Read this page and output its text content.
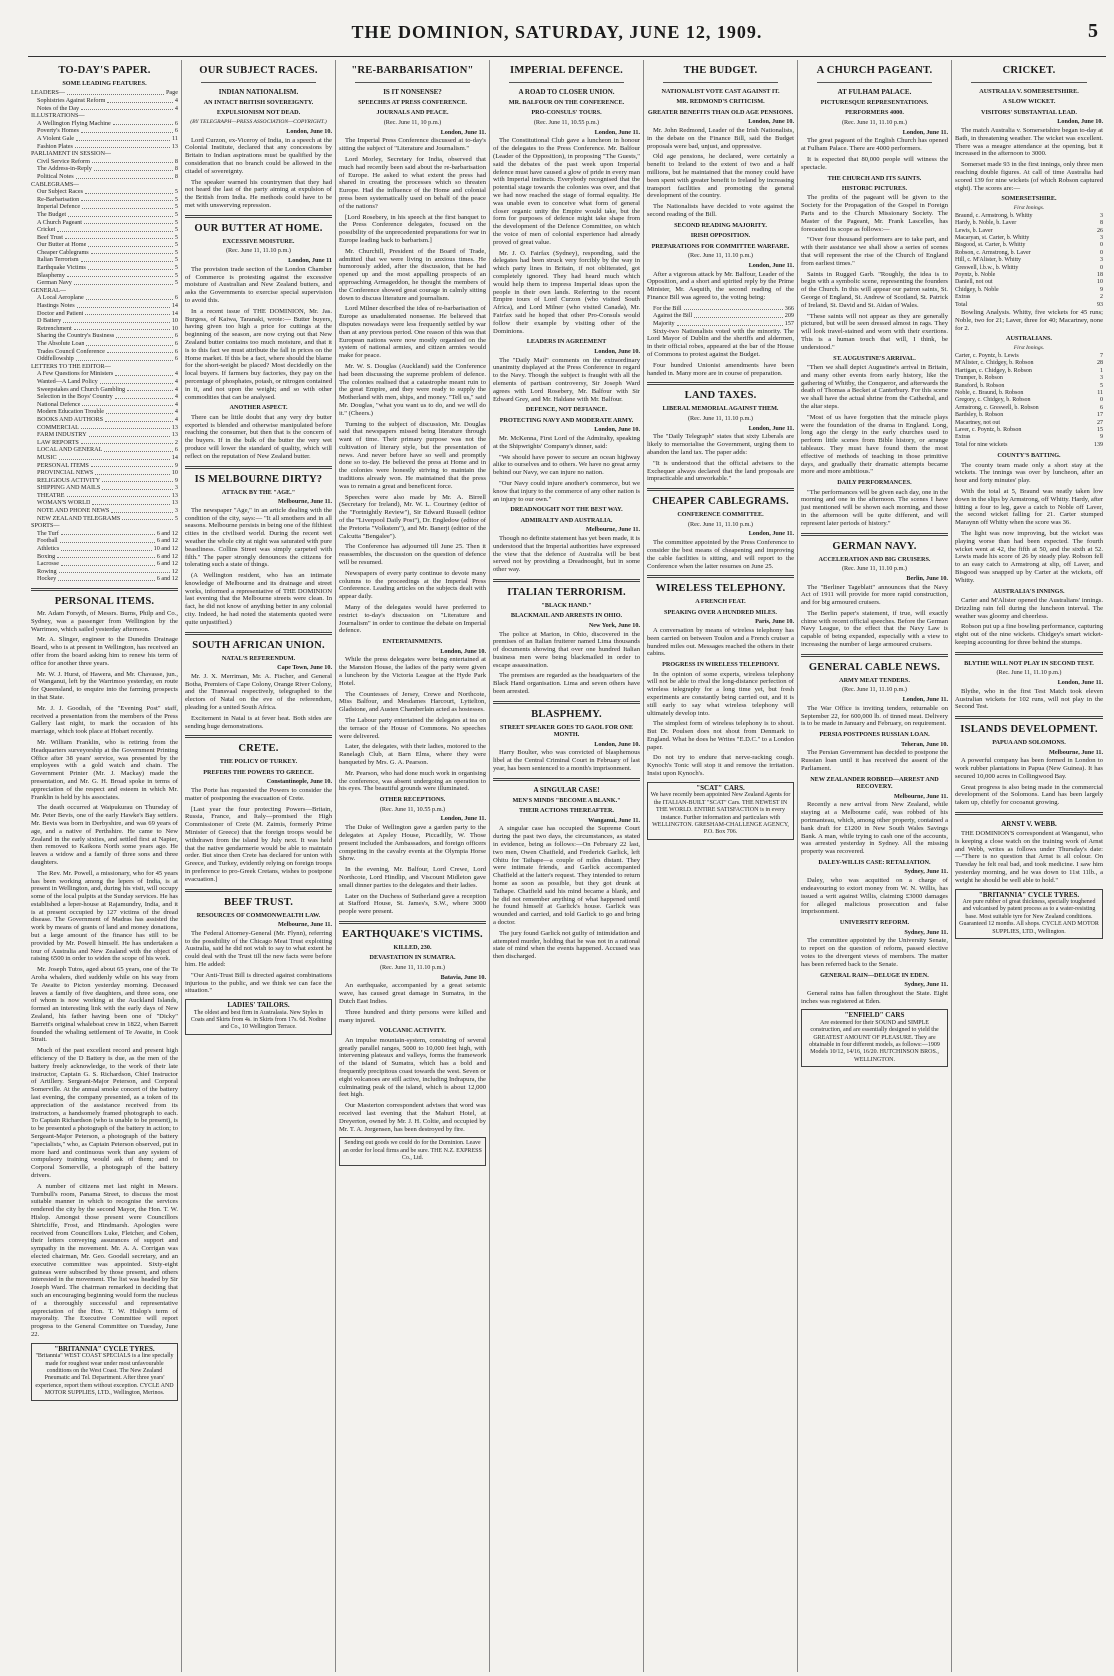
THE DOMINION, SATURDAY, JUNE 12, 1909.	5
TO-DAY'S PAPER.
SOME LEADING FEATURES.
LEADERS—	Page
Sophistries Against Reform	4
Notes of the Day	4
ILLUSTRATIONS—
A Wellington Flying Machine	6
Poverty's Homes	6
A Violent Gale	11
Fashion Plates	13
PARLIAMENT IN SESSION—
Civil Service Reform	8
The Address-in-Reply	8
Political Notes	8
CABLEGRAMS—
Our Subject Races	5
Re-Barbarisation	5
Imperial Defence	5
The Budget	5
A Church Pageant	5
Cricket	5
Beef Trust	5
Our Butter at Home	5
Cheaper Cablegrams	5
Italian Terrorism	5
Earthquake Victims	5
Blasphemy	5
German Navy	5
GENERAL—
A Local Aeroplane	6
Hastings Notes	14
Doctor and Patient	14
D Battery	10
Retrenchment	10
Sharing the Country's Business	6
The Absolute Loan	6
Trades Council Conference	6
Oddfellowship	6
LETTERS TO THE EDITOR—
A Few Questions for Ministers	4
Wanted—A Land Policy	4
Sweepstakes and Church Gambling	4
Selection in the Boys' Country	4
National Defence	4
Modern Education Trouble	4
BOOKS AND AUTHORS	4
COMMERCIAL	13
FARM INDUSTRY	13
LAW REPORTS	2
LOCAL AND GENERAL	6
MUSIC	14
PERSONAL ITEMS	9
PROVINCIAL NEWS	10
RELIGIOUS ACTIVITY	9
SHIPPING AND MAILS	3
THEATRE	13
WOMAN'S WORLD	13
NOTE AND PHONE NEWS	3
NEW ZEALAND TELEGRAMS	5
SPORTS—
The Turf	6 and 12
Football	6 and 12
Athletics	10 and 12
Boxing	6 and 12
Lacrosse	6 and 12
Rowing	12
Hockey	6 and 12
PERSONAL ITEMS.

Mr. Adam Forsyth, of Messrs. Burns, Philp and Co., Sydney, was a passenger from Wellington by the Warrimoo, which sailed yesterday afternoon.

Mr. A. Slinger, engineer to the Dunedin Drainage Board, who is at present in Wellington, has received an offer from the board asking him to renew his term of office for another three years.

Mr. W. J. Hurst, of Hawera, and Mr. Chavasse, jun., of Wanganui, left by the Warrimoo yesterday, en route for Queensland, to enquire into the farming prospects in that State.

Mr. J. J. Goodish, of the "Evening Post" staff, received a presentation from the members of the Press Gallery last night, to mark the occasion of his marriage, which took place at Hobart recently.

Mr. William Franklin, who is retiring from the Headquarters surveyorship at the Government Printing Office after 38 years' service, was presented by the employees with a gold watch and chain. The Government Printer (Mr. J. Mackay) made the presentation, and Mr. G. H. Broad spoke in terms of appreciation of the respect and esteem in which Mr. Franklin is held by his associates.

The death occurred at Waipukurau on Thursday of Mr. Peter Bevis, one of the early Hawke's Bay settlers. Mr. Bevis was born in Derbyshire, and was 69 years of age, and a native of Perthshire. He came to New Zealand in the early sixties, and settled first at Napier, then removed to Kaikora North some years ago. He leaves a widow and a family of three sons and three daughters.

The Rev. Mr. Powell, a missionary, who for 45 years has been working among the lepers of India, is at present in Wellington, and, during his visit, will occupy some of the local pulpits at the Sunday services. He has established a leper-house at Rajamundry, India, and it is at present occupied by 127 victims of the dread disease. The Government of Madras has assisted the work by means of grants of land and money donations, but a large amount of the finance has still to be provided by Mr. Powell himself. He has undertaken a tour of Australia and New Zealand with the object of raising 6500 in order to widen the scope of his work.

Mr. Joseph Tutos, aged about 65 years, one of the Te Aroha whalers, died suddenly while on his way from Te Awaite to Picton yesterday morning. Deceased leaves a family of five daughters, and three sons, one of whom is now working at the Auckland Islands, formed an interesting link with the early days of New Zealand, his father having been one of "Dicky" Barrett's original whaleboat crew in 1822, when Barrett founded the whaling settlement of Te Awaite, in Cook Strait.

Much of the past excellent record and present high efficiency of the D Battery is due, as the men of the battery freely acknowledge, to the work of their late instructor, Captain G. S. Richardson, Chief Instructor of Artillery. Sergeant-Major Peterson, and Corporal Somerville. At the annual smoke concert of the battery last evening, the company presented, as a token of its appreciation of the assistance received from its instructors, a handsomely framed photograph to each. To Captain Richardson (who is unable to be present), is to be presented a photograph of the battery in action; to Sergeant-Major Peterson, a photograph of the battery "specialists," who, as Captain Peterson observed, put in more hard and continuous work than any system of compulsory training would ask of them; and to Corporal Somerville, a photograph of the battery drivers.

A number of citizens met last night in Messrs. Turnbull's room, Panama Street, to discuss the most suitable manner in which to recognise the services rendered the city by the second Mayor, the Hon. T. W. Hislop. Amongst those present were Councillors Shirtcliffe, Frost, and Hindmarsh. Apologies were received from Councillors Luke, Fletcher, and Cohen, their letters conveying assurances of support and sympathy in the movement. Mr. A. A. Corrigan was elected chairman, Mr. Geo. Goodall secretary, and an executive committee was appointed. Sixty-eight guineas were subscribed by those present, and others interested in the movement. The list was headed by Sir Joseph Ward. The chairman remarked in deciding that such an encouraging beginning would form the nucleus of a thoroughly successful and representative appreciation of the Hon. T. W. Hislop's term of mayoralty. The Executive Committee will report progress to the General Committee on Tuesday, June 22.

"BRITANNIA" CYCLE TYRES.
"Britannia" WEST COAST SPECIALS is a line specially made for roughest wear under most unfavourable conditions on the West Coast. The New Zealand Pneumatic and Tel. Department. After three years' experience, report them without exception. CYCLE AND MOTOR SUPPLIES, LTD., Wellington, Merinos.
OUR SUBJECT RACES.
INDIAN NATIONALISM.
AN INTACT BRITISH SOVEREIGNTY.
EXPULSIONISM NOT DEAD.
(BY TELEGRAPH—PRESS ASSOCIATION—COPYRIGHT.)
London, June 10.

Lord Curzon, ex-Viceroy of India, in a speech at the Colonial Institute, declared that any concessions by Britain to Indian aspirations must be qualified by the consideration that no branch could be allowed in the citadel of sovereignty.

The speaker warned his countrymen that they had not heard the last of the party aiming at expulsion of the British from India. He methods could have to be met with unswerving repression.

OUR BUTTER AT HOME.
EXCESSIVE MOISTURE.
(Rec. June 11, 11.10 p.m.)
London, June 11

The provision trade section of the London Chamber of Commerce is protesting against the excessive moisture of Australian and New Zealand butters, and asks the Governments to exercise special supervision to avoid this.

In a recent issue of THE DOMINION, Mr. Jas. Burgess, of Kaiwa, Taranaki, wrote:— Butter buyers, having given too high a price for cuttings at the beginning of the season, are now crying out that New Zealand butter contains too much moisture, and that it is to this fact we must attribute the fall in prices on the Home market. If this be a fact, where should the blame for the short-weight be placed? Most decidedly on the local buyers. If farmers buy factories, they pay on the percentage of phosphates, potash, or nitrogen contained in it, and not upon the weight; and so with other commodities that can be analysed.

ANOTHER ASPECT.

There can be little doubt that any very dry butter exported is blended and otherwise manipulated before reaching the consumer, but then that is the concern of the buyers. If in the bulk of the butter the very wet produce will lower the standard of quality, which will reflect on the reputation of New Zealand butter.

IS MELBOURNE DIRTY?
ATTACK BY THE "AGE."
Melbourne, June 11.

The newspaper "Age," in an article dealing with the condition of the city, says:— "It all smothers and in all seasons. Melbourne persists in being one of the filthiest cities in the civilised world. During the recent wet weather the whole city at night was saturated with pure beastliness. Collins Street was simply carpeted with filth." The paper strongly denounces the citizens for tolerating such a state of things.

(A Wellington resident, who has an intimate knowledge of Melbourne and its drainage and street works, informed a representative of THE DOMINION last evening that the Melbourne streets were clean. In fact, he did not know of anything better in any colonial city. Indeed, he had noted the statements quoted were quite unjustified.)

SOUTH AFRICAN UNION.
NATAL'S REFERENDUM.
Cape Town, June 10.

Mr. J. X. Merriman, Mr. A. Fischer, and General Botha, Premiers of Cape Colony, Orange River Colony, and the Transvaal respectively, telegraphed to the electors of Natal on the eve of the referendum, pleading for a united South Africa.

Excitement in Natal is at fever heat. Both sides are sending huge demonstrations.

CRETE.
THE POLICY OF TURKEY.
PREFERS THE POWERS TO GREECE.
Constantinople, June 10.

The Porte has requested the Powers to consider the matter of postponing the evacuation of Crete.

[Last year the four protecting Powers—Britain, Russia, France, and Italy—promised the High Commissioner of Crete (M. Zaimis, formerly Prime Minister of Greece) that the foreign troops would be withdrawn from the island by July next. It was held that the native gendarmerie would be able to maintain order. But since then Crete has declared for union with Greece, and Turkey, evidently relying on foreign troops in preference to pro-Greek Cretans, wishes to postpone evacuation.]

BEEF TRUST.
RESOURCES OF COMMONWEALTH LAW.
Melbourne, June 11.

The Federal Attorney-General (Mr. Flynn), referring to the possibility of the Chicago Meat Trust exploiting Australia, said he did not wish to say to what extent he could deal with the Trust till the new facts were before him. He added:

"Our Anti-Trust Bill is directed against combinations injurious to the public, and we think we can face the situation."

LADIES' TAILORS.
The oldest and best firm in Australasia. New Styles in Coats and Skirts from 4s. in Skirts from 17s. 6d. Nodine and Co., 10 Wellington Terrace.
"RE-BARBARISATION"
IS IT NONSENSE?
SPEECHES AT PRESS CONFERENCE.
JOURNALS AND PEACE.
(Rec. June 11, 10 p.m.)
London, June 11.

The Imperial Press Conference discussed at to-day's sitting the subject of "Literature and Journalism."

Lord Morley, Secretary for India, observed that much had recently been said about the re-barbarisation of Europe. He asked to what extent the press had shared in creating the processes which so threaten Europe. Had the influence of the Home and colonial press been systematically used on behalf of the peace of the nations?

[Lord Rosebery, in his speech at the first banquet to the Press Conference delegates, focused on the possibility of the unprecedented preparations for war in Europe leading back to barbarism.]

Mr. Churchill, President of the Board of Trade, admitted that we were living in anxious times. He humorously added, after the discussion, that he had opened up and the most appalling prospects of an approaching Armageddon, he thought the members of the Conference showed great courage in calmly sitting down to discuss literature and journalism.

Lord Milner described the idea of re-barbarisation of Europe as unadulterated nonsense. He believed that disputes nowadays were less frequently settled by war than at any previous period. One reason of this was that European nations were now mostly organised on the system of national armies, and citizen armies would make for peace.

Mr. W. S. Douglas (Auckland) said the Conference had been discussing the supreme problem of defence. The colonies realised that a catastrophe meant ruin to the great Empire, and they were ready to supply the Motherland with men, ships, and money. "Tell us," said Mr. Douglas, "what you want us to do, and we will do it." (Cheers.)

Turning to the subject of discussion, Mr. Douglas said that newspapers missed being literature through want of time. Their primary purpose was not the cultivation of literary style, but the presentation of news. And never before have so well and promptly done so to-day. He believed the press at Home and in the colonies were honestly striving to maintain the traditions already won. He maintained that the press was to remain a great and beneficent force.

Speeches were also made by Mr. A. Birrell (Secretary for Ireland), Mr. W. L. Courtney (editor of the "Fortnightly Review"), Sir Edward Russell (editor of the "Liverpool Daily Post"), Dr. Engledow (editor of the Pretoria "Volkstem"), and Mr. Banerji (editor of the Calcutta "Bengalee").

The Conference has adjourned till June 25. Then it reassembles, the discussion on the question of defence will be resumed.

Newspapers of every party continue to devote many columns to the proceedings at the Imperial Press Conference. Leading articles on the subjects dealt with appear daily.

Many of the delegates would have preferred to restrict to-day's discussion on "Literature and Journalism" in order to continue the debate on Imperial defence.

ENTERTAINMENTS.
London, June 10.

While the press delegates were being entertained at the Mansion House, the ladies of the party were given a luncheon by the Victoria League at the Hyde Park Hotel.

The Countesses of Jersey, Crewe and Northcote, Miss Balfour, and Mesdames Harcourt, Lyttelton, Gladstone, and Austen Chamberlain acted as hostesses.

The Labour party entertained the delegates at tea on the terrace of the House of Commons. No speeches were delivered.

Later, the delegates, with their ladies, motored to the Ranelagh Club, at Barn Elms, where they were banqueted by Mrs. G. A. Pearson.

Mr. Pearson, who had done much work in organising the conference, was absent undergoing an operation to his eyes. The beautiful grounds were illuminated.

OTHER RECEPTIONS.
(Rec. June 11, 10.55 p.m.)
London, June 11.

The Duke of Wellington gave a garden party to the delegates at Apsley House, Piccadilly, W. Those present included the Ambassadors, and foreign officers competing in the cavalry events at the Olympia Horse Show.

In the evening, Mr. Balfour, Lord Crewe, Lord Northcote, Lord Hindlip, and Viscount Midleton gave small dinner parties to the delegates and their ladies.

Later on the Duchess of Sutherland gave a reception at Stafford House, St. James's, S.W., where 3000 people were present.

EARTHQUAKE'S VICTIMS.
KILLED, 230.
DEVASTATION IN SUMATRA.
(Rec. June 11, 11.10 p.m.)
Batavia, June 10.

An earthquake, accompanied by a great seismic wave, has caused great damage in Sumatra, in the Dutch East Indies.

Three hundred and thirty persons were killed and many injured.

VOLCANIC ACTIVITY.

An impulse mountain-system, consisting of several greatly parallel ranges, 5000 to 10,000 feet high, with intervening plateaux and valleys, forms the framework of the island of Sumatra, which has a bold and frequently precipitous coast towards the west. Seven or eight volcanoes are still active, including Indrapura, the culminating peak of the island, which is about 12,000 feet high.

Our Masterton correspondent advises that word was received last evening that the Mahuri Hotel, at Dreyerton, owned by Mr. J. H. Coltie, and occupied by Mr. T. A. Jorgensen, has been destroyed by fire.

Sending out goods we could do for the Dominion. Leave an order for local firms and be sure. THE N.Z. EXPRESS Co., Ltd.
IMPERIAL DEFENCE.
A ROAD TO CLOSER UNION.
MR. BALFOUR ON THE CONFERENCE.
PRO-CONSULS' TOURS.
(Rec. June 11, 10.55 p.m.)
London, June 11.

The Constitutional Club gave a luncheon in honour of the delegates to the Press Conference. Mr. Balfour (Leader of the Opposition), in proposing "The Guests," said the debates of the past week upon Imperial defence must have caused a glow of pride in every man with Imperial instincts. Everybody recognised that the potential stage towards the colonies was over, and that we had now reached the stage of formal equality. He was unable even to conceive what form of general closer organic unity the Empire would take, but the form for purposes of defence might take shape from the development of the Defence Committee, on which the voice of men of colonial experience had already proved of great value.

Mr. J. O. Fairfax (Sydney), responding, said the delegates had been struck very forcibly by the way in which party lines in Britain, if not obliterated, got completely ignored. They had heard much which would help them to impress Imperial ideas upon the people in their own lands. Referring to the recent Empire tours of Lord Curzon (who visited South Africa), and Lord Milner (who visited Canada), Mr. Fairfax said he hoped that other Pro-Consuls would follow their example by visiting other of the Dominions.

LEADERS IN AGREEMENT
London, June 10.

The "Daily Mail" comments on the extraordinary unanimity displayed at the Press Conference in regard to the Navy. Though the subject is fraught with all the elements of partisan controversy, Sir Joseph Ward agrees with Lord Rosebery, Mr. Balfour with Sir Edward Grey, and Mr. Haldane with Mr. Balfour.

DEFENCE, NOT DEFIANCE.
PROTECTING NAVY AND MODERATE ARMY.
London, June 10.

Mr. McKenna, First Lord of the Admiralty, speaking at the Shipwrights' Company's dinner, said:

"We should have power to secure an ocean highway alike to ourselves and to others. We have no great army behind our Navy, we can injure no nation.

"Our Navy could injure another's commerce, but we know that injury to the commerce of any other nation is an injury to our own."

DREADNOUGHT NOT THE BEST WAY.
ADMIRALTY AND AUSTRALIA.
Melbourne, June 11.

Though no definite statement has yet been made, it is understood that the Imperial authorities have expressed the view that the defence of Australia will be best served not by providing a Dreadnought, but in some other way.

ITALIAN TERRORISM.
"BLACK HAND."
BLACKMAIL AND ARRESTS IN OHIO.
New York, June 10.

The police at Marion, in Ohio, discovered in the premises of an Italian fruiterer named Lima thousands of documents showing that over one hundred Italian business men were being blackmailed in order to escape assassination.

The premises are regarded as the headquarters of the Black Hand organisation. Lima and seven others have been arrested.

BLASPHEMY.
STREET SPEAKER GOES TO GAOL FOR ONE MONTH.
London, June 10.

Harry Boulter, who was convicted of blasphemous libel at the Central Criminal Court in February of last year, has been sentenced to a month's imprisonment.

A SINGULAR CASE!
MEN'S MINDS "BECOME A BLANK."
THEIR ACTIONS THEREAFTER.
Wanganui, June 11.

A singular case has occupied the Supreme Court during the past two days, the circumstances, as stated in evidence, being as follows:—On February 22 last, two men, Owen Chatfield, and Frederick Garlick, left Ohitu for Taihape—a couple of miles distant. They were intimate friends, and Garlick accompanied Chatfield at the latter's request. They intended to return home as soon as possible, but they got drunk at Taihape. Chatfield said his mind became a blank, and he did not remember anything of what happened until he found himself at Garlick's house. Garlick was wounded and carried, and told Garlick to go and bring a doctor.

The jury found Garlick not guilty of intimidation and attempted murder, holding that he was not in a rational state of mind when the events happened. Accused was then discharged.

THE BUDGET.
NATIONALIST VOTE CAST AGAINST IT.
MR. REDMOND'S CRITICISM.
GREATER BENEFITS THAN OLD AGE PENSIONS.
London, June 10.

Mr. John Redmond, Leader of the Irish Nationalists, in the debate on the Finance Bill, said the Budget proposals were bad, unjust, and oppressive.

Old age pensions, he declared, were certainly a benefit to Ireland to the extent of two and a half millions, but he maintained that the money could have been spent with greater benefit to Ireland by increasing transport facilities and promoting the general development of the country.

The Nationalists have decided to vote against the second reading of the Bill.

SECOND READING MAJORITY.
IRISH OPPOSITION.
PREPARATIONS FOR COMMITTEE WARFARE.
(Rec. June 11, 11.10 p.m.)
London, June 11.

After a vigorous attack by Mr. Balfour, Leader of the Opposition, and a short and spirited reply by the Prime Minister, Mr. Asquith, the second reading of the Finance Bill was agreed to, the voting being:

For the Bill	366
Against the Bill	209
Majority	157

Sixty-two Nationalists voted with the minority. The Lord Mayor of Dublin and the sheriffs and aldermen, in their official robes, appeared at the bar of the House of Commons to protest against the Budget.

Four hundred Unionist amendments have been handed in. Many more are in course of preparation.

LAND TAXES.
LIBERAL MEMORIAL AGAINST THEM.
(Rec. June 11, 11.10 p.m.)
London, June 11.

The "Daily Telegraph" states that sixty Liberals are likely to memorialise the Government, urging them to abandon the land tax. The paper adds:

"It is understood that the official advisers to the Exchequer always declared that the land proposals are impracticable and unworkable."

CHEAPER CABLEGRAMS.
CONFERENCE COMMITTEE.
(Rec. June 11, 11.10 p.m.)
London, June 11.

The committee appointed by the Press Conference to consider the best means of cheapening and improving the cable facilities is sitting, and will report to the Conference when the latter resumes on June 25.

WIRELESS TELEPHONY.
A FRENCH FEAT.
SPEAKING OVER A HUNDRED MILES.
Paris, June 10.

A conversation by means of wireless telephony has been carried on between Toulon and a French cruiser a hundred miles out. Messages reached the others in their cabins.

PROGRESS IN WIRELESS TELEPHONY.

In the opinion of some experts, wireless telephony will not be able to rival the long-distance perfection of wireless telegraphy for a long time yet, but fresh experiments are constantly being carried out, and it is still early to say what wireless telephony will ultimately develop into.

The simplest form of wireless telephony is to shout. But Dr. Poulsen does not shout from Denmark to England. What he does he Writes "E.D.C." to a London paper.

Do not try to endure that nerve-racking cough. Kynoch's Tonic will stop it and remove the irritation. Insist upon Kynoch's.

"SCAT" CARS.
We have recently been appointed New Zealand Agents for the ITALIAN-BUILT "SCAT" Cars. THE NEWEST IN THE WORLD. ENTIRE SATISFACTION is in every instance. Further information and particulars with WELLINGTON. GRESHAM-CHALLENGE AGENCY, P.O. Box 706.
A CHURCH PAGEANT.
AT FULHAM PALACE.
PICTURESQUE REPRESENTATIONS.
PERFORMERS 4000.
(Rec. June 11, 11.10 p.m.)
London, June 11.

The great pageant of the English Church has opened at Fulham Palace. There are 4000 performers.

It is expected that 80,000 people will witness the spectacle.

THE CHURCH AND ITS SAINTS.
HISTORIC PICTURES.

The profits of the pageant will be given to the Society for the Propagation of the Gospel in Foreign Parts and to the Church Missionary Society. The Master of the Pageant, Mr. Frank Lascelles, has forecasted its scope as follows:—

"Over four thousand performers are to take part, and with their assistance we shall show a series of scenes that will represent the rise of the Church of England from earliest times."

Saints in Rugged Garb. "Roughly, the idea is to begin with a symbolic scene, representing the founders of the Church. In this will appear our patron saints, St. George of England, St. Andrew of Scotland, St. Patrick of Ireland, St. David and St. Aidan of Wales.

"These saints will not appear as they are generally pictured, but will be seen dressed almost in rags. They will look travel-stained and worn with their exertions. This is a human touch that will, I think, be understood."

ST. AUGUSTINE'S ARRIVAL.

"Then we shall depict Augustine's arrival in Britain, and many other events from early history, like the gathering of Whitby, the Conqueror, and afterwards the death of Thomas a Becket at Canterbury. For this scene we shall have the actual shrine from the Cathedral, and the altar steps.

"Most of us have forgotten that the miracle plays were the foundation of the drama in England. Long, long ago the clergy in the early churches used to perform little scenes from Bible history, or arrange tableaux. They must have found them the most effective of methods of teaching in those primitive days, and gradually their dramatic attempts became more and more ambitious."

DAILY PERFORMANCES.

"The performances will be given each day, one in the morning and one in the afternoon. The scenes I have just mentioned will be shown each morning, and those in the afternoon will be quite different, and will represent later periods of history."

GERMAN NAVY.
ACCELERATION AND BIG CRUISERS.
(Rec. June 11, 11.10 p.m.)
Berlin, June 10.

The "Berliner Tageblatt" announces that the Navy Act of 1911 will provide for more rapid construction, and for big armoured cruisers.

The Berlin paper's statement, if true, will exactly chime with recent official speeches. Before the German Navy League, to the effect that the Navy Law is capable of being expanded, especially with a view to increasing the number of large armoured cruisers.

GENERAL CABLE NEWS.
ARMY MEAT TENDERS.
(Rec. June 11, 11.10 p.m.)
London, June 11.

The War Office is inviting tenders, returnable on September 22, for 600,000 lb. of tinned meat. Delivery is to be made in January and February, on requirement.

PERSIA POSTPONES RUSSIAN LOAN.
Teheran, June 10.

The Persian Government has decided to postpone the Russian loan until it has received the assent of the Parliament.

NEW ZEALANDER ROBBED—ARREST AND RECOVERY.
Melbourne, June 11.

Recently a new arrival from New Zealand, while staying at a Melbourne café, was robbed of his portmanteau, which, among other property, contained a bank draft for £1200 in New South Wales Savings Bank. A man, while trying to cash one of the accounts, was arrested yesterday in Sydney. All the missing property was recovered.

DALEY-WILLIS CASE: RETALIATION.
Sydney, June 11.

Daley, who was acquitted on a charge of endeavouring to extort money from W. N. Willis, has issued a writ against Willis, claiming £3000 damages for alleged malicious prosecution and false imprisonment.

UNIVERSITY REFORM.
Sydney, June 11.

The committee appointed by the University Senate, to report on the question of reform, passed elective votes to the divergent views of members. The matter has been referred back to the Senate.

GENERAL RAIN—DELUGE IN EDEN.
Sydney, June 11.

General rains has fallen throughout the State. Eight inches was registered at Eden.

"ENFIELD" CARS
Are esteemed for their SOUND and SIMPLE construction, and are essentially designed to yield the GREATEST AMOUNT OF PLEASURE. They are obtainable in four different models, as follows:—1909 Models 10/12, 14/16, 16/20. HUTCHINSON BROS., WELLINGTON.
CRICKET.
AUSTRALIA V. SOMERSETSHIRE.
A SLOW WICKET.
VISITORS' SUBSTANTIAL LEAD.
London, June 10.

The match Australia v. Somersetshire began to-day at Bath, in threatening weather. The wicket was excellent. There was a meagre attendance at the opening, but it increased in the afternoon to 3000.

Somerset made 93 in the first innings, only three men reaching double figures. At call of time Australia had scored 139 for nine wickets (of which Robson captured eight). The scores are:—

SOMERSETSHIRE.
First Innings.
Braund, c. Armstrong, b. Whitty	3
Hardy, b. Noble, b. Laver	8
Lewis, b. Laver	26
Macaryan, st. Carter, b. Whitty	3
Bisgood, st. Carter, b. Whitty	0
Robson, c. Armstrong, b. Laver	0
Hill, c. M'Alister, b. Whitty	3
Greswell, l.b.w., b. Whitty	0
Poyntz, b. Noble	18
Daniell, not out	10
Chidgey, b. Noble	9
Extras	2
Total	93

Bowling Analysis. Whitty, five wickets for 45 runs; Noble, two for 21; Laver, three for 40; Macartney, none for 2.

AUSTRALIANS.
First Innings.
Carter, c. Poyntz, b. Lewis	7
M'Alister, c. Chidgey, b. Robson	28
Hartigan, c. Chidgey, b. Robson	1
Trumper, b. Robson	3
Ransford, b. Robson	5
Noble, c. Braund, b. Robson	11
Gregory, c. Chidgey, b. Robson	0
Armstrong, c. Greswell, b. Robson	6
Bardsley, b. Robson	17
Macartney, not out	27
Laver, c. Poyntz, b. Robson	15
Extras	9
Total for nine wickets	139
COUNTY'S BATTING.

The county team made only a short stay at the wickets. The innings was over by luncheon, after an hour and forty minutes' play.

With the total at 5, Braund was neatly taken low down in the slips by Armstrong, off Whitty. Hardy, after hitting a four to leg, gave a catch to Noble off Laver, the second wicket falling for 21. Carter stumped Maraynn off Whitty when the score was 36.

The light was now improving, but the wicket was playing worse than had been expected. The fourth wicket went at 42, the fifth at 50, and the sixth at 52. Lewis made his score of 26 by steady play. Robson fell to an easy catch to Armstrong at slip, off Laver, and Bisgood was snapped up by Carter at the wickets, off Whitty.

AUSTRALIA'S INNINGS.

Carter and M'Alister opened the Australians' innings. Drizzling rain fell during the luncheon interval. The weather was gloomy and cheerless.

Robson put up a fine bowling performance, capturing eight out of the nine wickets. Chidgey's smart wicket-keeping accounting for three behind the stumps.

BLYTHE WILL NOT PLAY IN SECOND TEST.
(Rec. June 11, 11.10 p.m.)
London, June 11.

Blythe, who in the first Test Match took eleven Australian wickets for 102 runs, will not play in the Second Test.

ISLANDS DEVELOPMENT.
PAPUA AND SOLOMONS.
Melbourne, June 11.

A powerful company has been formed in London to work rubber plantations in Papua (New Guinea). It has secured 10,000 acres in Collingwood Bay.

Great progress is also being made in the commercial development of the Solomons. Land has been largely taken up, chiefly for cocoanut growing.

ARNST V. WEBB.

THE DOMINION'S correspondent at Wanganui, who is keeping a close watch on the training work of Arnst and Webb, writes as follows under Thursday's date:—"There is no question that Arnst is all colour. On Tuesday he felt real bad, and took medicine. I saw him yesterday morning, and he was down to 11st 11lb., a weight he should be well able to hold."

"BRITANNIA" CYCLE TYRES.
Are pure rubber of great thickness, specially toughened and vulcanised by patent process as to a water-resisting base. Most suitable tyre for New Zealand conditions. Guaranteed 12 months. All shops. CYCLE AND MOTOR SUPPLIES, LTD., Wellington.
